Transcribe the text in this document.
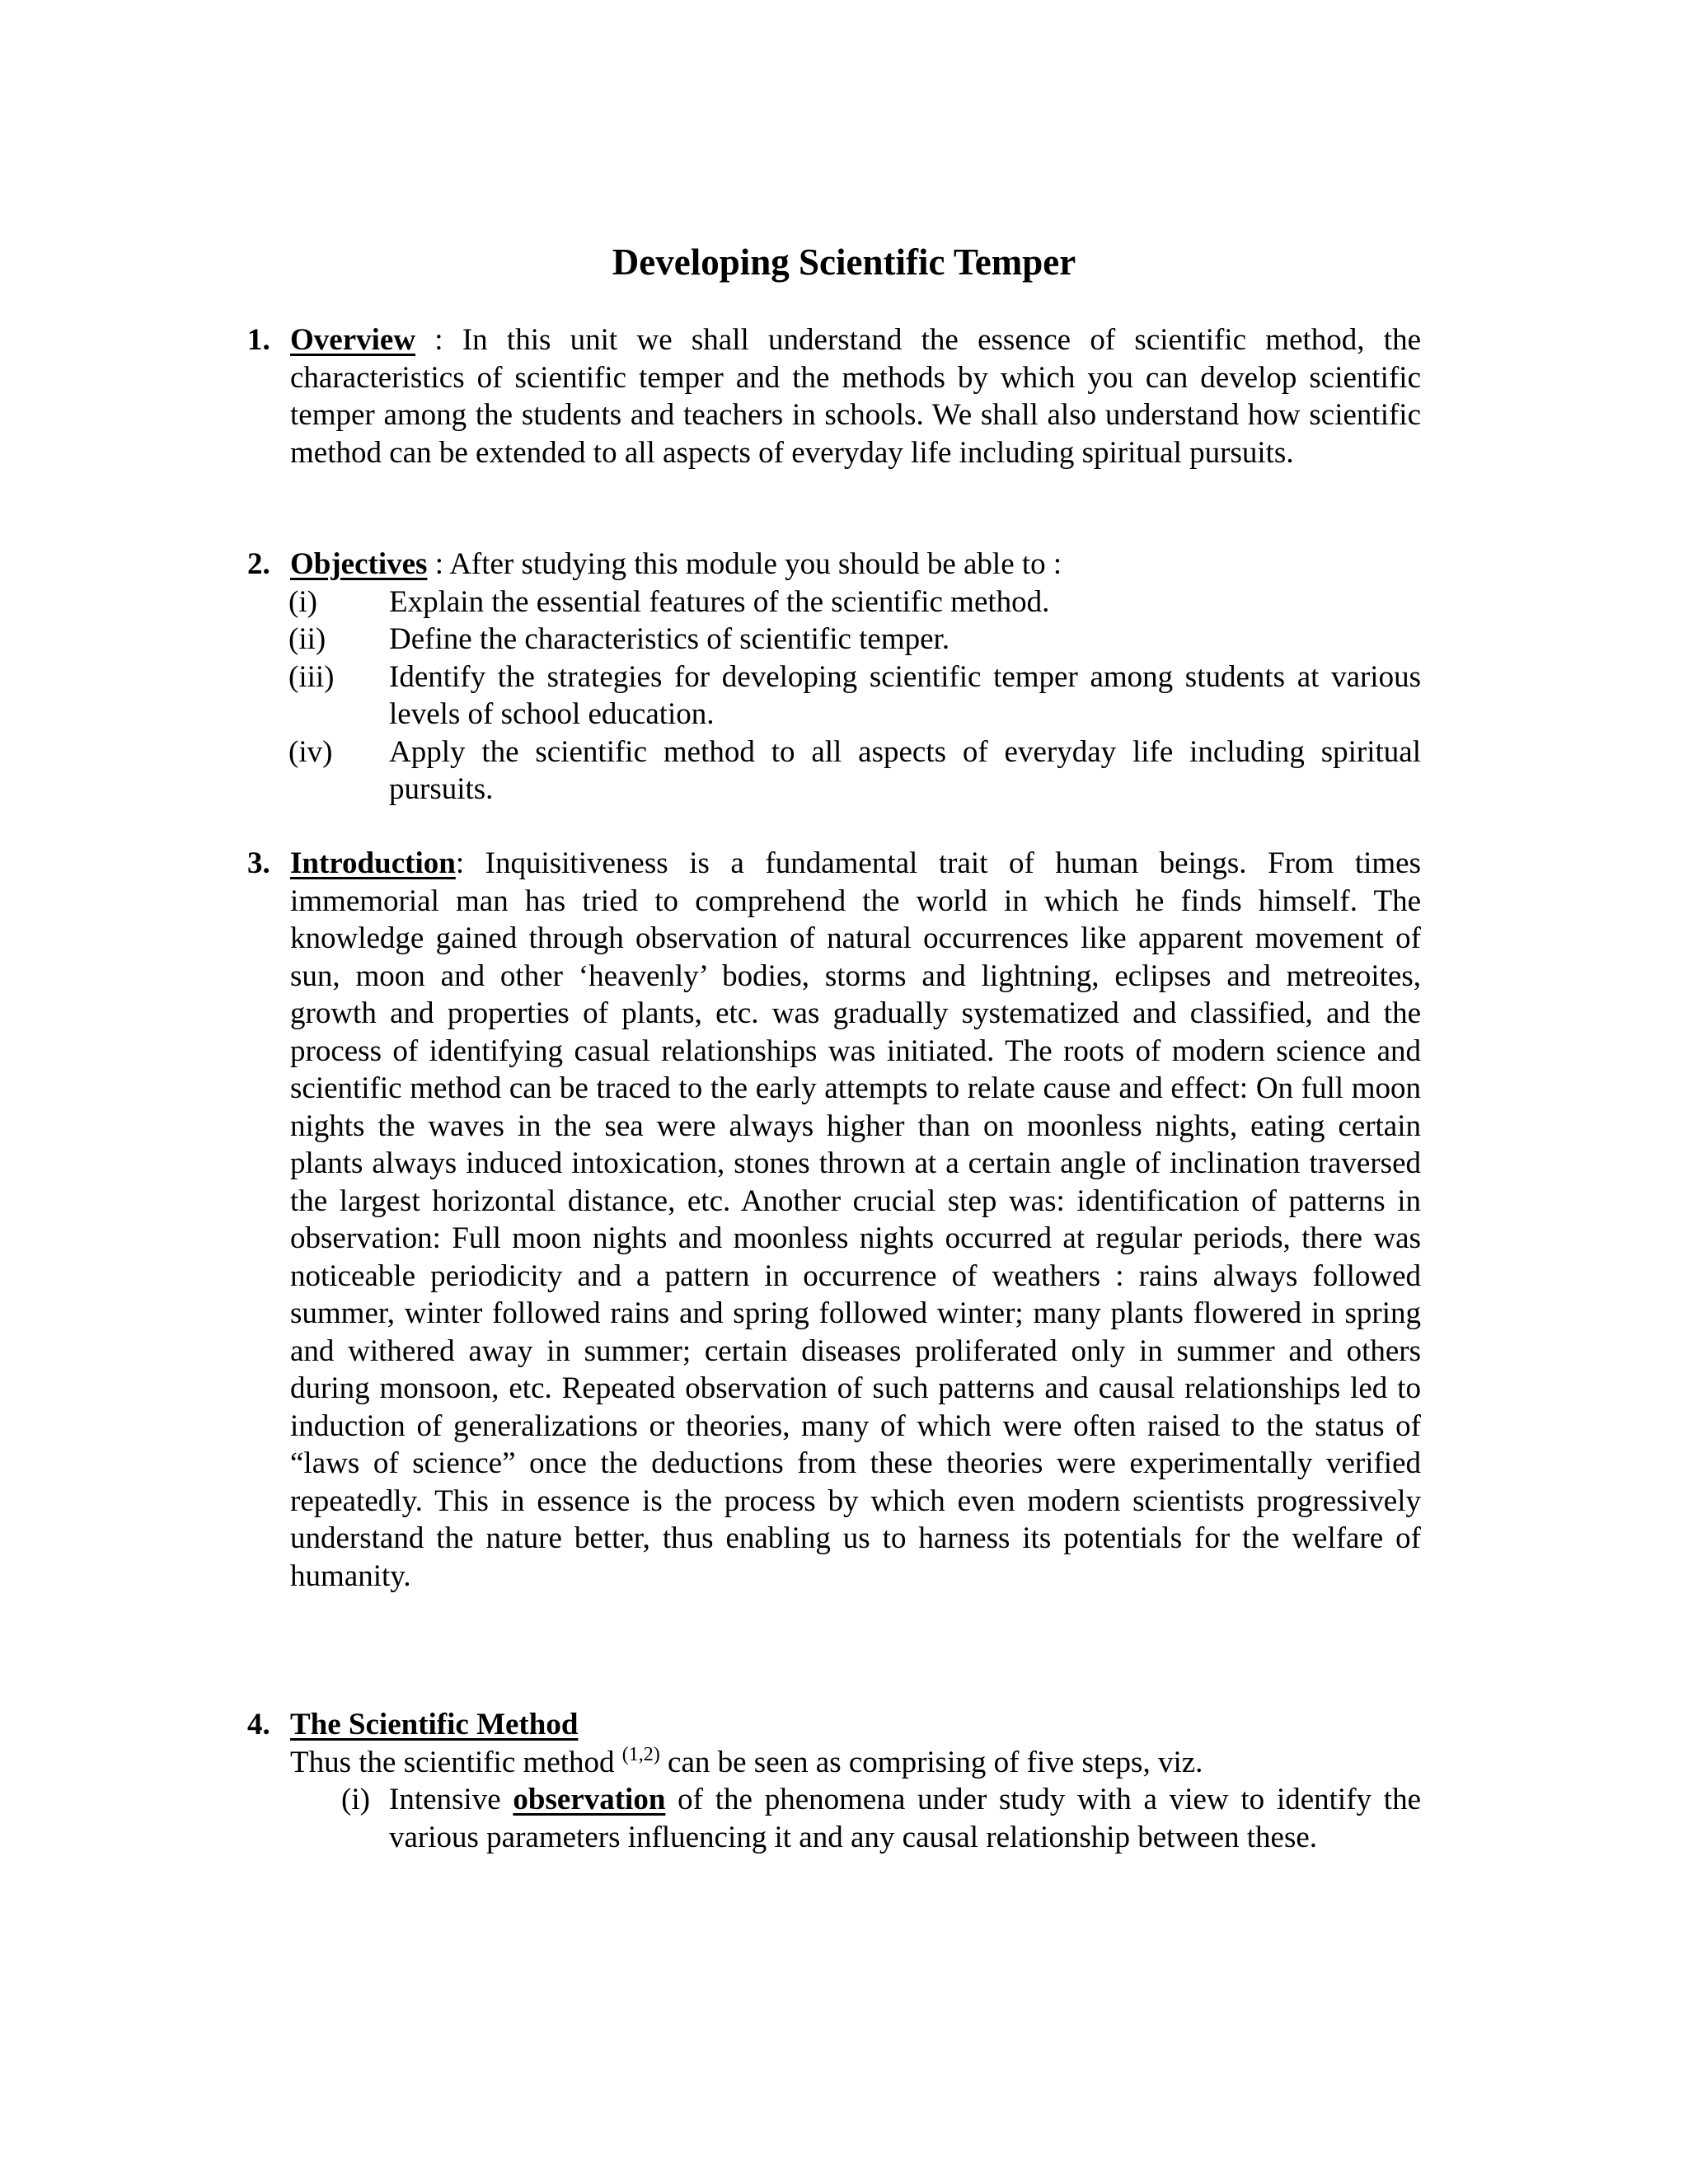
Developing Scientific Temper
1. Overview : In this unit we shall understand the essence of scientific method, the characteristics of scientific temper and the methods by which you can develop scientific temper among the students and teachers in schools. We shall also understand how scientific method can be extended to all aspects of everyday life including spiritual pursuits.

2. Objectives : After studying this module you should be able to :

(i) Explain the essential features of the scientific method.
(ii) Define the characteristics of scientific temper.
(iii) Identify the strategies for developing scientific temper among students at various levels of school education.
(iv) Apply the scientific method to all aspects of everyday life including spiritual pursuits.
3. Introduction: Inquisitiveness is a fundamental trait of human beings. From times immemorial man has tried to comprehend the world in which he finds himself. The knowledge gained through observation of natural occurrences like apparent movement of sun, moon and other ‘heavenly’ bodies, storms and lightning, eclipses and metreoites, growth and properties of plants, etc. was gradually systematized and classified, and the process of identifying casual relationships was initiated. The roots of modern science and scientific method can be traced to the early attempts to relate cause and effect: On full moon nights the waves in the sea were always higher than on moonless nights, eating certain plants always induced intoxication, stones thrown at a certain angle of inclination traversed the largest horizontal distance, etc. Another crucial step was: identification of patterns in observation: Full moon nights and moonless nights occurred at regular periods, there was noticeable periodicity and a pattern in occurrence of weathers : rains always followed summer, winter followed rains and spring followed winter; many plants flowered in spring and withered away in summer; certain diseases proliferated only in summer and others during monsoon, etc. Repeated observation of such patterns and causal relationships led to induction of generalizations or theories, many of which were often raised to the status of “laws of science” once the deductions from these theories were experimentally verified repeatedly. This in essence is the process by which even modern scientists progressively understand the nature better, thus enabling us to harness its potentials for the welfare of humanity.

4. The Scientific Method

Thus the scientific method $^{(1,2)}$ can be seen as comprising of five steps, viz.

(i) Intensive observation of the phenomena under study with a view to identify the various parameters influencing it and any causal relationship between these.
